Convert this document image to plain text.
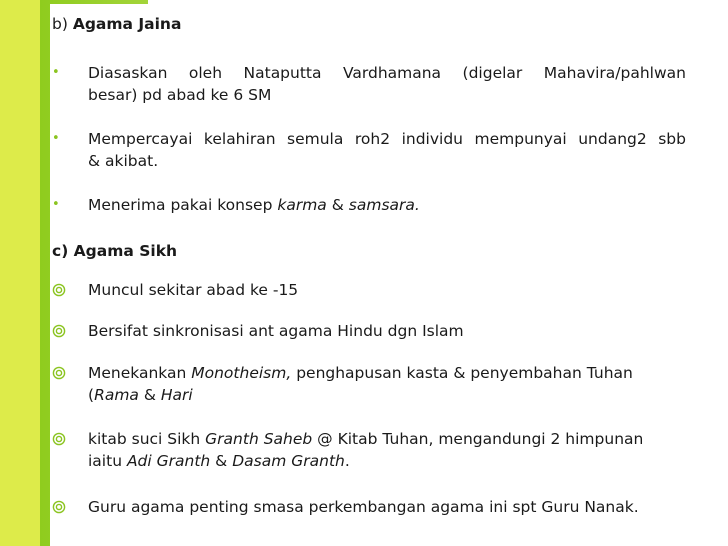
b) Agama Jaina
•	Diasaskan oleh Nataputta Vardhamana (digelar Mahavira/pahlwan
besar) pd abad ke 6 SM
•	Mempercayai kelahiran semula roh2 individu mempunyai undang2 sbb
& akibat.
•	Menerima pakai konsep karma & samsara.
c) Agama Sikh
Muncul sekitar abad ke -15
Bersifat sinkronisasi ant agama Hindu dgn Islam
Menekankan Monotheism, penghapusan kasta & penyembahan Tuhan
(Rama & Hari
kitab suci Sikh Granth Saheb @ Kitab Tuhan, mengandungi 2 himpunan
iaitu Adi Granth & Dasam Granth.
Guru agama penting smasa perkembangan agama ini spt Guru Nanak.
